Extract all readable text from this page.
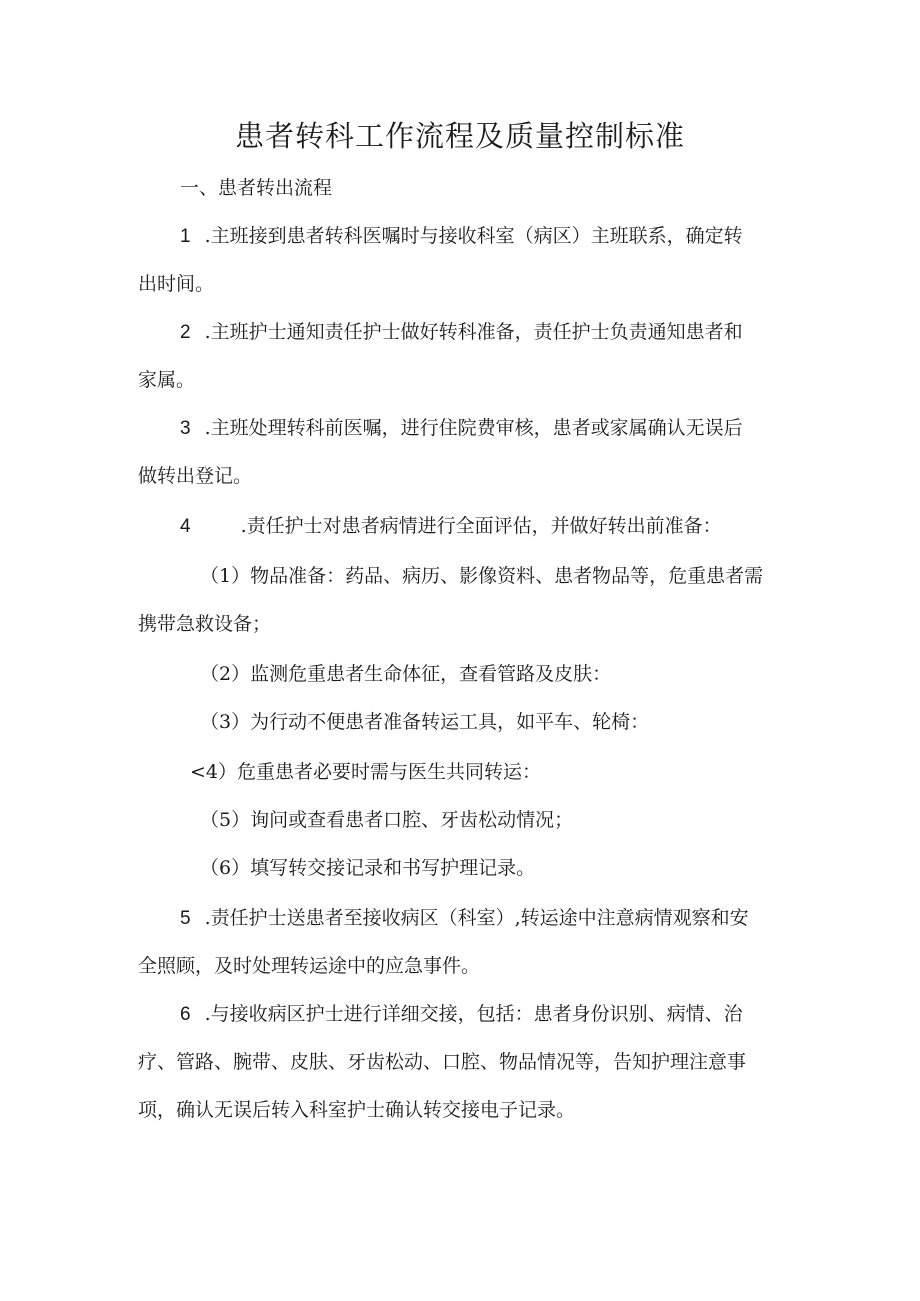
患者转科工作流程及质量控制标准

一、患者转出流程

1 .主班接到患者转科医嘱时与接收科室（病区）主班联系，确定转

出时间。

2 .主班护士通知责任护士做好转科准备，责任护士负责通知患者和

家属。

3 .主班处理转科前医嘱，进行住院费审核，患者或家属确认无误后

做转出登记。

4	.责任护士对患者病情进行全面评估，并做好转出前准备：

（1）物品准备：药品、病历、影像资料、患者物品等，危重患者需

携带急救设备；

（2）监测危重患者生命体征，查看管路及皮肤：

（3）为行动不便患者准备转运工具，如平车、轮椅：

<4）危重患者必要时需与医生共同转运：

（5）询问或查看患者口腔、牙齿松动情况；

（6）填写转交接记录和书写护理记录。

5 .责任护士送患者至接收病区（科室）,转运途中注意病情观察和安

全照顾，及时处理转运途中的应急事件。

6 .与接收病区护士进行详细交接，包括：患者身份识别、病情、治

疗、管路、腕带、皮肤、牙齿松动、口腔、物品情况等，告知护理注意事

项，确认无误后转入科室护士确认转交接电子记录。
